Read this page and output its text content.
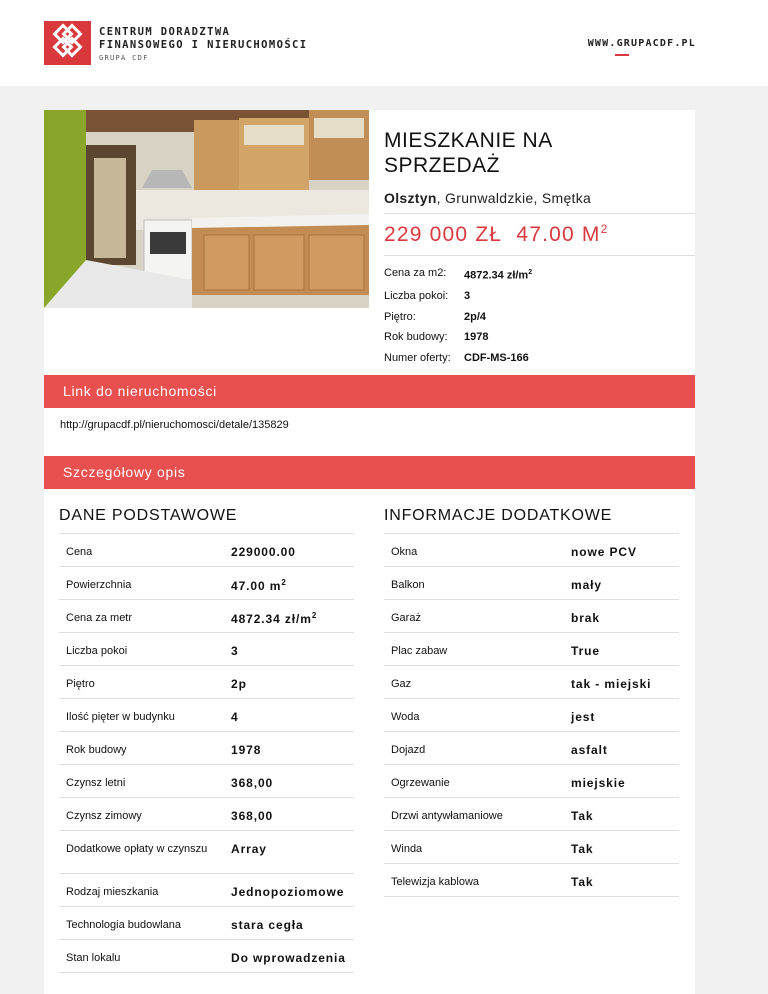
CENTRUM DORADZTWA
FINANSOWEGO I NIERUCHOMOŚCI
GRUPA CDF
WWW.GRUPACDF.PL
MIESZKANIE NA
SPRZEDAŻ
Olsztyn, Grunwaldzkie, Smętka
229 000 ZŁ 47.00 $M^2$
Cena za m2:	4872.34 $zł/m^2$
Liczba pokoi:	3
Piętro:	2p/4
Rok budowy:	1978
Numer oferty:	CDF-MS-166
Link do nieruchomości
http://grupacdf.pl/nieruchomosci/detale/135829
Szczegółowy opis
DANE PODSTAWOWE	INFORMACJE DODATKOWE
Cena	229000.00
Powierzchnia	47.00 $m^2$
Cena za metr	4872.34 $zł/m^2$
Liczba pokoi	3
Piętro	2p
Ilość pięter w budynku	4
Rok budowy	1978
Czynsz letni	368,00
Czynsz zimowy	368,00
Dodatkowe opłaty w czynszu	Array
Rodzaj mieszkania	Jednopoziomowe
Technologia budowlana	stara cegła
Stan lokalu	Do wprowadzenia
Okna	nowe PCV
Balkon	mały
Garaż	brak
Plac zabaw	True
Gaz	tak - miejski
Woda	jest
Dojazd	asfalt
Ogrzewanie	miejskie
Drzwi antywłamaniowe	Tak
Winda	Tak
Telewizja kablowa	Tak
